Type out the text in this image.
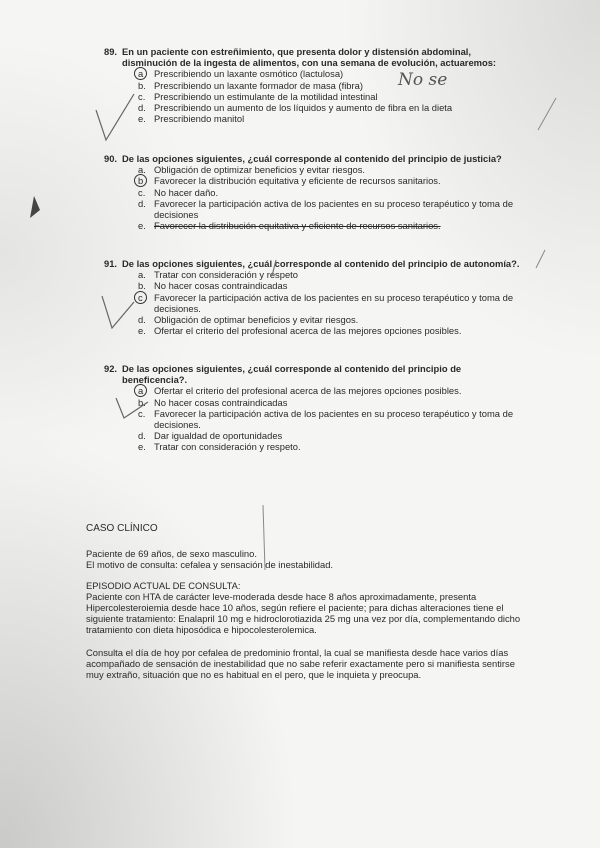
89. En un paciente con estreñimiento, que presenta dolor y distensión abdominal, disminución de la ingesta de alimentos, con una semana de evolución, actuaremos:
a	Prescribiendo un laxante osmótico (lactulosa)
b. Prescribiendo un laxante formador de masa (fibra)
c. Prescribiendo un estimulante de la motilidad intestinal
d. Prescribiendo un aumento de los líquidos y aumento de fibra en la dieta
e. Prescribiendo manitol
No se
90. De las opciones siguientes, ¿cuál corresponde al contenido del principio de justicia?
a. Obligación de optimizar beneficios y evitar riesgos.
b	Favorecer la distribución equitativa y eficiente de recursos sanitarios.
c. No hacer daño.
d. Favorecer la participación activa de los pacientes en su proceso terapéutico y toma de decisiones
e. Favorecer la distribución equitativa y eficiente de recursos sanitarios.
91. De las opciones siguientes, ¿cuál corresponde al contenido del principio de autonomía?.
a. Tratar con consideración y respeto
b. No hacer cosas contraindicadas
c	Favorecer la participación activa de los pacientes en su proceso terapéutico y toma de decisiones.
d. Obligación de optimar beneficios y evitar riesgos.
e. Ofertar el criterio del profesional acerca de las mejores opciones posibles.
92. De las opciones siguientes, ¿cuál corresponde al contenido del principio de beneficencia?.
a	Ofertar el criterio del profesional acerca de las mejores opciones posibles.
b. No hacer cosas contraindicadas
c. Favorecer la participación activa de los pacientes en su proceso terapéutico y toma de decisiones.
d. Dar igualdad de oportunidades
e. Tratar con consideración y respeto.

CASO CLÍNICO

Paciente de 69 años, de sexo masculino.

El motivo de consulta: cefalea y sensación de inestabilidad.

EPISODIO ACTUAL DE CONSULTA:

Paciente con HTA de carácter leve-moderada desde hace 8 años aproximadamente, presenta Hipercolesteroiemia desde hace 10 años, según refiere el paciente; para dichas alteraciones tiene el siguiente tratamiento: Enalapril 10 mg e hidroclorotiazida 25 mg una vez por día, complementando dicho tratamiento con dieta hiposódica e hipocolesterolemica.

Consulta el día de hoy por cefalea de predominio frontal, la cual se manifiesta desde hace varios días acompañado de sensación de inestabilidad que no sabe referir exactamente pero si manifiesta sentirse muy extraño, situación que no es habitual en el pero, que le inquieta y preocupa.
